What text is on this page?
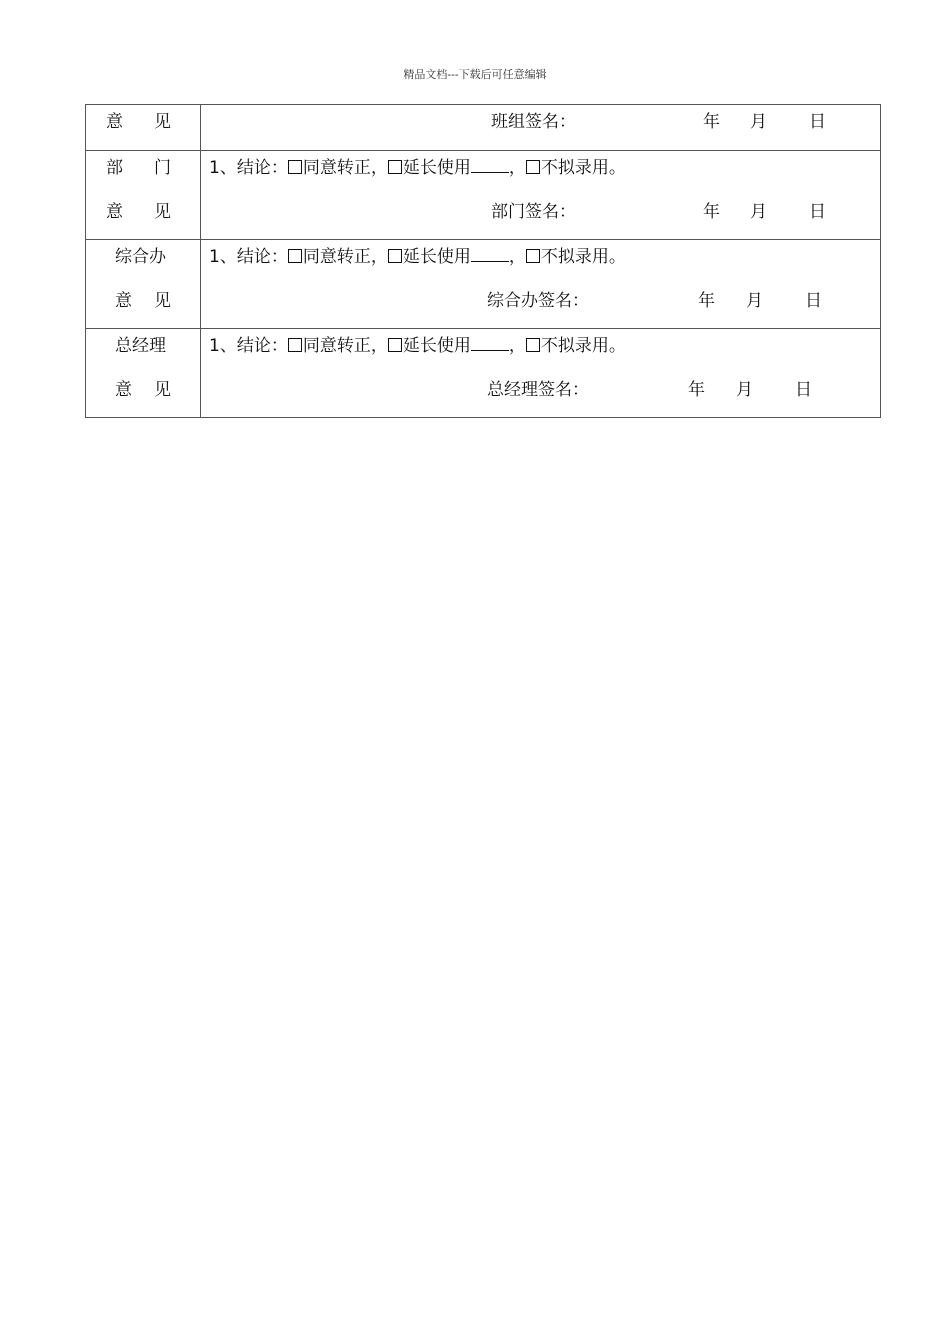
精品文档---下载后可任意编辑
意 见	班组签名： 年 月 日

部 门
意 见	1、结论： 同意转正， 延长使用 ， 不拟录用。
部门签名： 年 月 日

综合办
意 见	1、结论： 同意转正， 延长使用 ， 不拟录用。
综合办签名： 年 月 日

总经理
意 见	1、结论： 同意转正， 延长使用 ， 不拟录用。
总经理签名： 年 月 日
